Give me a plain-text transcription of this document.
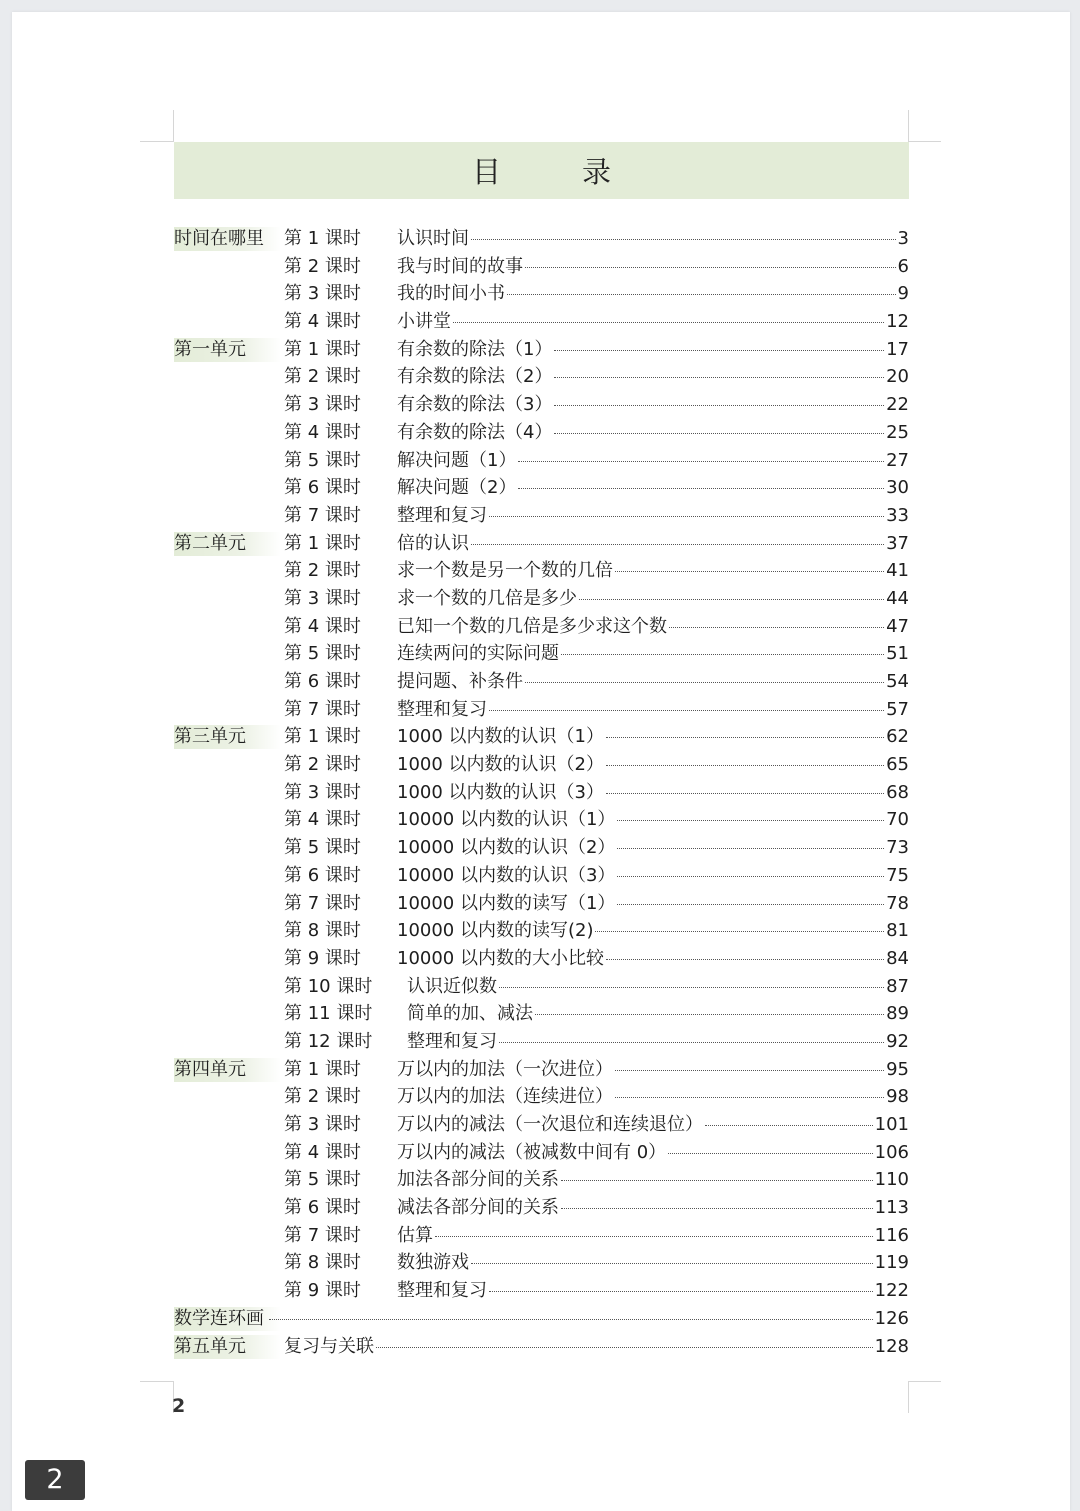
目　录
时间在哪里	第 1 课时 认识时间	3
第 2 课时 我与时间的故事	6
第 3 课时 我的时间小书	9
第 4 课时 小讲堂	12
第一单元	第 1 课时 有余数的除法（1）	17
第 2 课时 有余数的除法（2）	20
第 3 课时 有余数的除法（3）	22
第 4 课时 有余数的除法（4）	25
第 5 课时 解决问题（1）	27
第 6 课时 解决问题（2）	30
第 7 课时 整理和复习	33
第二单元	第 1 课时 倍的认识	37
第 2 课时 求一个数是另一个数的几倍	41
第 3 课时 求一个数的几倍是多少	44
第 4 课时 已知一个数的几倍是多少求这个数	47
第 5 课时 连续两问的实际问题	51
第 6 课时 提问题、补条件	54
第 7 课时 整理和复习	57
第三单元	第 1 课时 1000 以内数的认识（1）	62
第 2 课时 1000 以内数的认识（2）	65
第 3 课时 1000 以内数的认识（3）	68
第 4 课时 10000 以内数的认识（1）	70
第 5 课时 10000 以内数的认识（2）	73
第 6 课时 10000 以内数的认识（3）	75
第 7 课时 10000 以内数的读写（1）	78
第 8 课时 10000 以内数的读写(2)	81
第 9 课时 10000 以内数的大小比较	84
第 10 课时 认识近似数	87
第 11 课时 简单的加、减法	89
第 12 课时 整理和复习	92
第四单元	第 1 课时 万以内的加法（一次进位）	95
第 2 课时 万以内的加法（连续进位）	98
第 3 课时 万以内的减法（一次退位和连续退位）	101
第 4 课时 万以内的减法（被减数中间有 0）	106
第 5 课时 加法各部分间的关系	110
第 6 课时 减法各部分间的关系	113
第 7 课时 估算	116
第 8 课时 数独游戏	119
第 9 课时 整理和复习	122
数学连环画	126
第五单元	复习与关联	128
2
2
